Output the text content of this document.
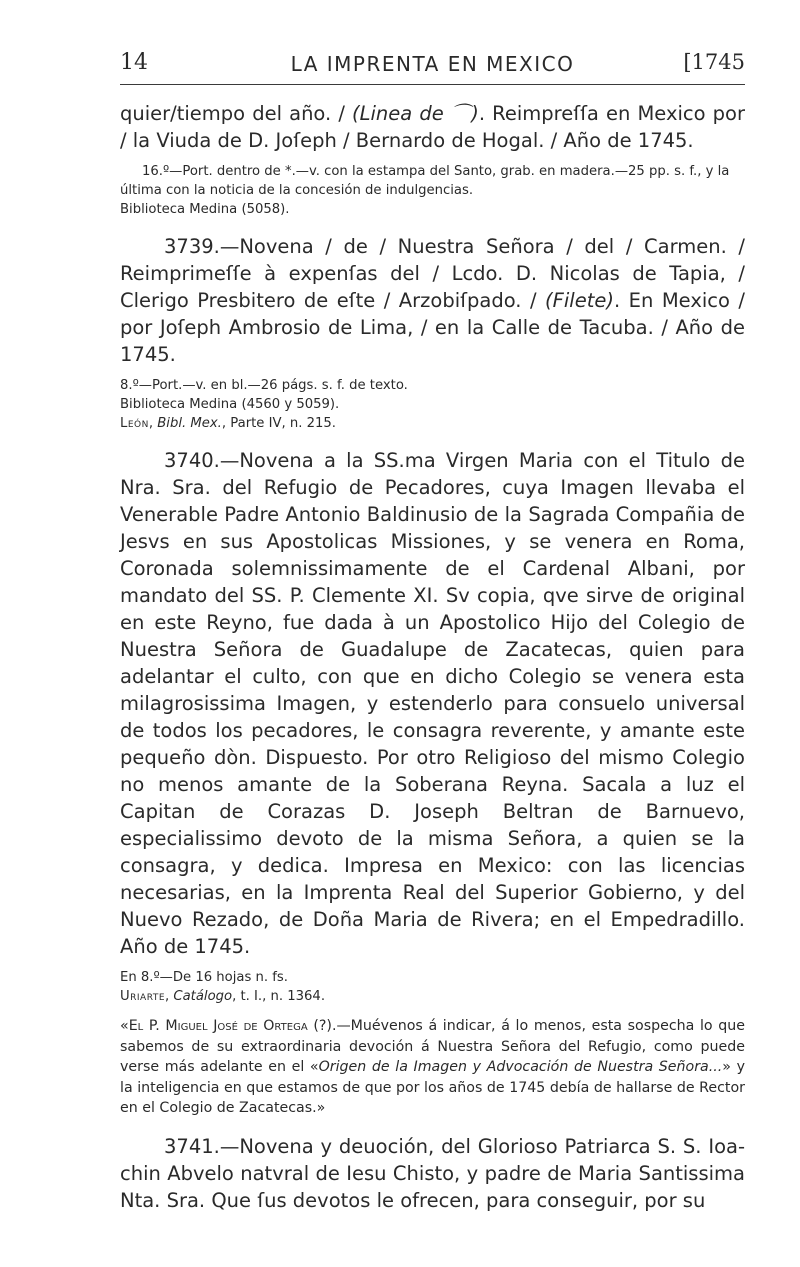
14	LA IMPRENTA EN MEXICO	[1745

quier/tiempo del año. / (Linea de ⌒). Reimpreſſa en Mexico por / la Viuda de D. Joſeph / Bernardo de Hogal. / Año de 1745.

16.º—Port. dentro de *.—v. con la estampa del Santo, grab. en madera.—25 pp. s. f., y la última con la noticia de la concesión de indulgencias.

Biblioteca Medina (5058).

3739.—Novena / de / Nuestra Señora / del / Carmen. / Reimprimeſſe à expenſas del / Lcdo. D. Nicolas de Tapia, / Clerigo Presbitero de eſte / Arzobiſpado. / (Filete). En Mexico / por Joſeph Ambrosio de Lima, / en la Calle de Tacuba. / Año de 1745.

8.º—Port.—v. en bl.—26 págs. s. f. de texto.

Biblioteca Medina (4560 y 5059).

León, Bibl. Mex., Parte IV, n. 215.

3740.—Novena a la SS.ma Virgen Maria con el Titulo de Nra. Sra. del Refugio de Pecadores, cuya Imagen llevaba el Venerable Padre Antonio Baldinusio de la Sagrada Compañia de Jesvs en sus Apostolicas Missiones, y se venera en Roma, Coronada solemnissimamente de el Cardenal Albani, por mandato del SS. P. Clemente XI. Sv copia, qve sirve de original en este Reyno, fue dada à un Apostolico Hijo del Colegio de Nuestra Señora de Guadalupe de Zacatecas, quien para adelantar el culto, con que en dicho Colegio se venera esta milagrosissima Imagen, y estenderlo para consuelo universal de todos los pecadores, le consagra reverente, y amante este pequeño dòn. Dispuesto. Por otro Religioso del mismo Colegio no menos amante de la Soberana Reyna. Sacala a luz el Capitan de Corazas D. Joseph Beltran de Barnuevo, especialissimo devoto de la misma Señora, a quien se la consagra, y dedica. Impresa en Mexico: con las licencias necesarias, en la Imprenta Real del Superior Gobierno, y del Nuevo Rezado, de Doña Maria de Rivera; en el Empedradillo. Año de 1745.

En 8.º—De 16 hojas n. fs.

Uriarte, Catálogo, t. I., n. 1364.

«El P. Miguel José de Ortega (?).—Muévenos á indicar, á lo menos, esta sospecha lo que sabemos de su extraordinaria devoción á Nuestra Señora del Refugio, como puede verse más adelante en el «Origen de la Imagen y Advocación de Nuestra Señora...» y la inteligencia en que estamos de que por los años de 1745 debía de hallarse de Rector en el Colegio de Zacatecas.»

3741.—Novena y deuoción, del Glorioso Patriarca S. S. Ioachin Abvelo natvral de Iesu Chisto, y padre de Maria Santissima Nta. Sra. Que ſus devotos le ofrecen, para conseguir, por su
